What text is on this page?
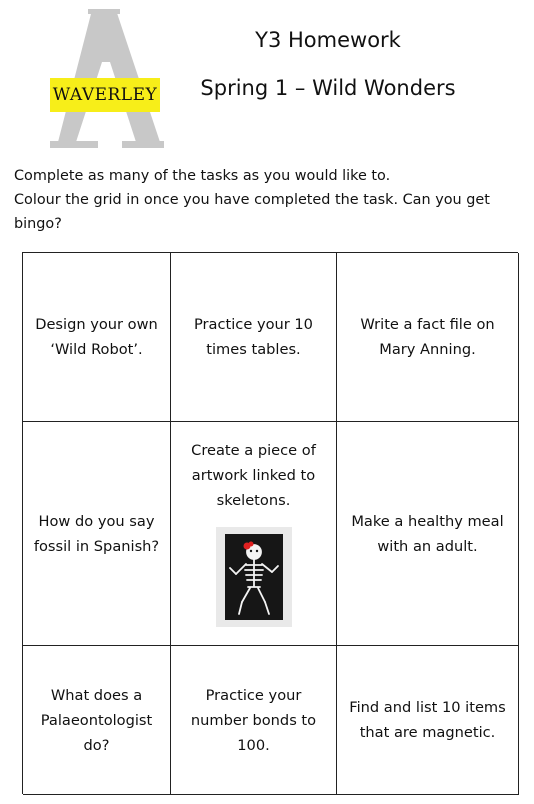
WAVERLEY
Y3 Homework
Spring 1 – Wild Wonders

Complete as many of the tasks as you would like to.

Colour the grid in once you have completed the task. Can you get bingo?

Design your own ‘Wild Robot’.
Practice your 10 times tables.
Write a fact file on Mary Anning.
How do you say fossil in Spanish?
Create a piece of artwork linked to skeletons.
Make a healthy meal with an adult.
What does a Palaeontologist do?
Practice your number bonds to 100.
Find and list 10 items that are magnetic.
